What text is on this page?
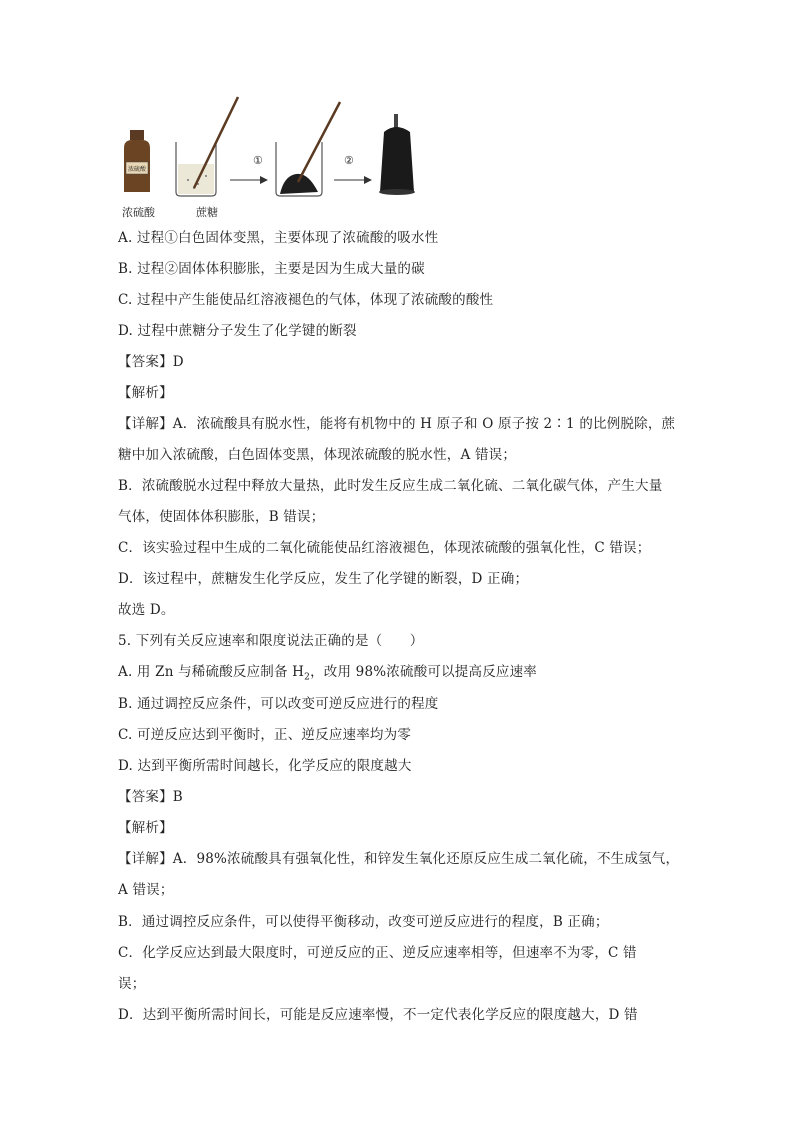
浓硫酸
①	②
浓硫酸	蔗糖
A. 过程①白色固体变黑，主要体现了浓硫酸的吸水性
B. 过程②固体体积膨胀，主要是因为生成大量的碳
C. 过程中产生能使品红溶液褪色的气体，体现了浓硫酸的酸性
D. 过程中蔗糖分子发生了化学键的断裂
【答案】D
【解析】
【详解】A．浓硫酸具有脱水性，能将有机物中的 H 原子和 O 原子按 2∶1 的比例脱除，蔗
糖中加入浓硫酸，白色固体变黑，体现浓硫酸的脱水性，A 错误；
B．浓硫酸脱水过程中释放大量热，此时发生反应生成二氧化硫、二氧化碳气体，产生大量
气体，使固体体积膨胀，B 错误；
C．该实验过程中生成的二氧化硫能使品红溶液褪色，体现浓硫酸的强氧化性，C 错误；
D．该过程中，蔗糖发生化学反应，发生了化学键的断裂，D 正确；
故选 D。
5. 下列有关反应速率和限度说法正确的是（　　）
A. 用 Zn 与稀硫酸反应制备 $H_2$，改用 98%浓硫酸可以提高反应速率
B. 通过调控反应条件，可以改变可逆反应进行的程度
C. 可逆反应达到平衡时，正、逆反应速率均为零
D. 达到平衡所需时间越长，化学反应的限度越大
【答案】B
【解析】
【详解】A．98%浓硫酸具有强氧化性，和锌发生氧化还原反应生成二氧化硫，不生成氢气，
A 错误；
B．通过调控反应条件，可以使得平衡移动，改变可逆反应进行的程度，B 正确；
C．化学反应达到最大限度时，可逆反应的正、逆反应速率相等，但速率不为零，C 错
误；
D．达到平衡所需时间长，可能是反应速率慢，不一定代表化学反应的限度越大，D 错
